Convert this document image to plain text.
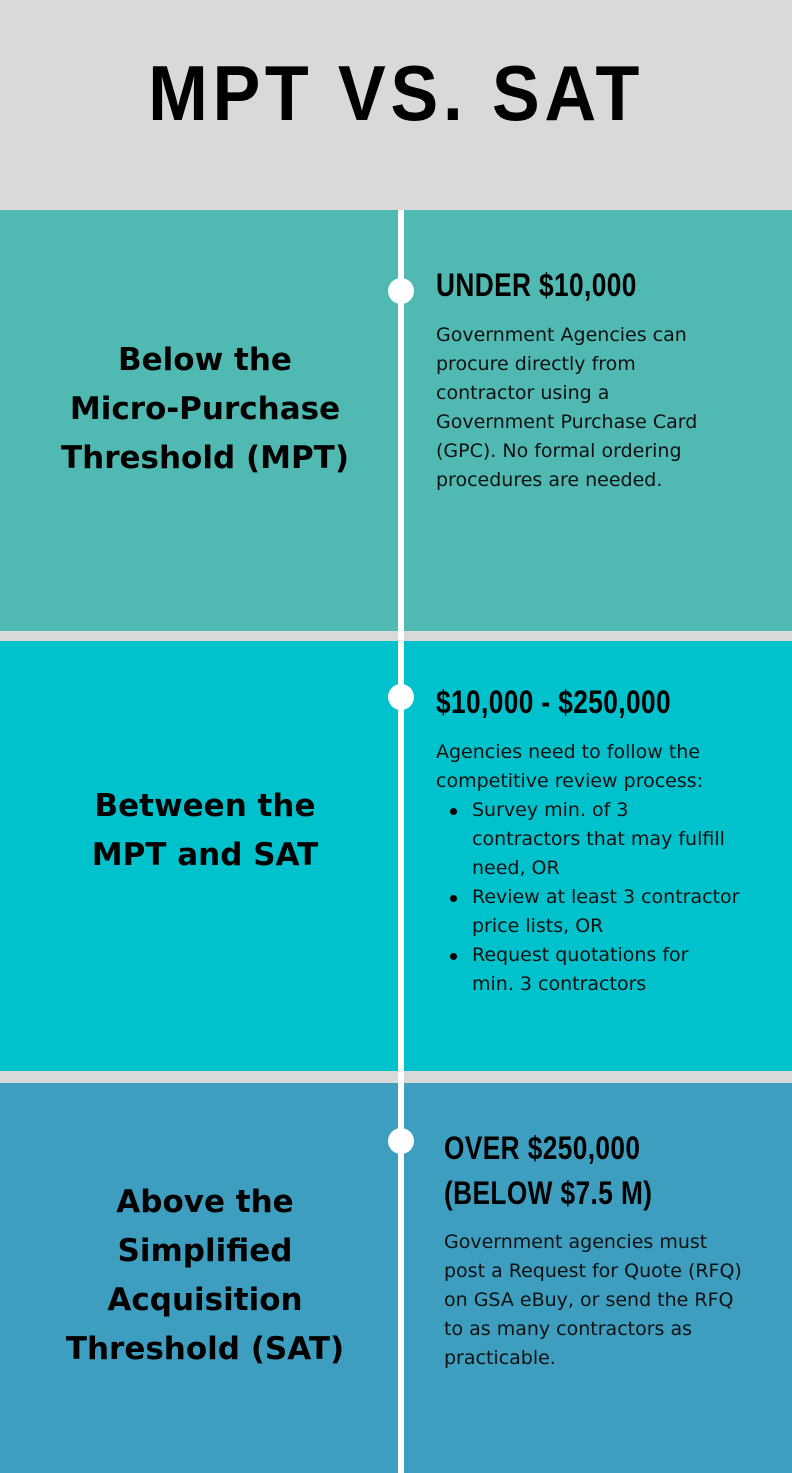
MPT VS. SAT
Below the
Micro-Purchase
Threshold (MPT)
UNDER $10,000
Government Agencies can
procure directly from
contractor using a
Government Purchase Card
(GPC). No formal ordering
procedures are needed.
Between the
MPT and SAT
$10,000 - $250,000
Agencies need to follow the
competitive review process:
Survey min. of 3
contractors that may fulfill
need, OR
Review at least 3 contractor
price lists, OR
Request quotations for
min. 3 contractors
Above the
Simplified
Acquisition
Threshold (SAT)
OVER $250,000
(BELOW $7.5 M)
Government agencies must
post a Request for Quote (RFQ)
on GSA eBuy, or send the RFQ
to as many contractors as
practicable.
